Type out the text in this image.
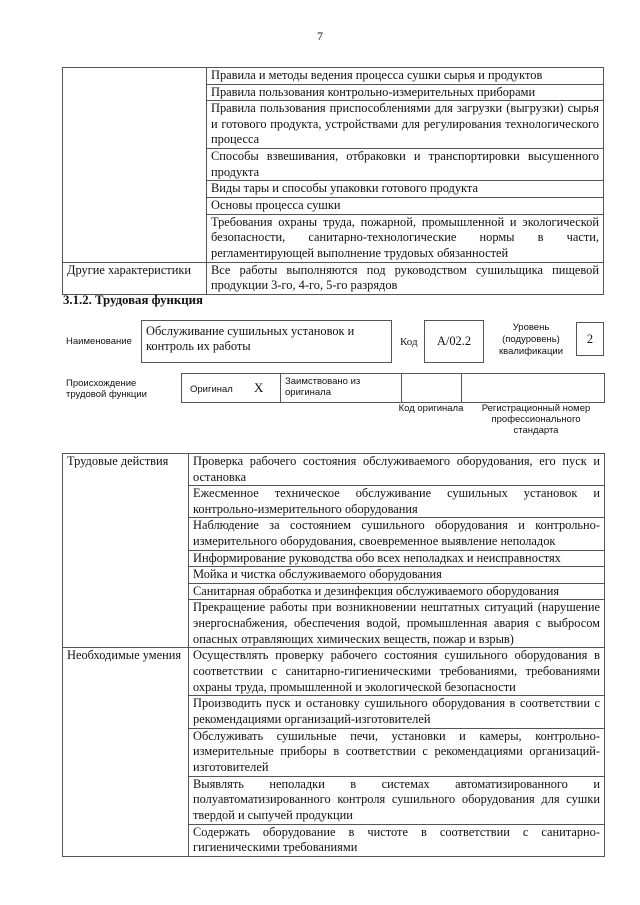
7
	Правила и методы ведения процесса сушки сырья и продуктов
	Правила пользования контрольно-измерительных приборами
	Правила пользования приспособлениями для загрузки (выгрузки) сырья и готового продукта, устройствами для регулирования технологического процесса
	Способы взвешивания, отбраковки и транспортировки высушенного продукта
	Виды тары и способы упаковки готового продукта
	Основы процесса сушки
	Требования охраны труда, пожарной, промышленной и экологической безопасности, санитарно-технологические нормы в части, регламентирующей выполнение трудовых обязанностей
Другие характеристики	Все работы выполняются под руководством сушильщика пищевой продукции 3-го, 4-го, 5-го разрядов
3.1.2. Трудовая функция
Наименование
Обслуживание сушильных установок и контроль их работы	Код	А/02.2
Уровень (подуровень) квалификации
2
Происхождение трудовой функции	Оригинал X Заимствовано из оригинала
Код оригинала	Регистрационный номер профессионального стандарта
Трудовые действия	Проверка рабочего состояния обслуживаемого оборудования, его пуск и остановка
	Ежесменное техническое обслуживание сушильных установок и контрольно-измерительного оборудования
	Наблюдение за состоянием сушильного оборудования и контрольно-измерительного оборудования, своевременное выявление неполадок
	Информирование руководства обо всех неполадках и неисправностях
	Мойка и чистка обслуживаемого оборудования
	Санитарная обработка и дезинфекция обслуживаемого оборудования
	Прекращение работы при возникновении нештатных ситуаций (нарушение энергоснабжения, обеспечения водой, промышленная авария с выбросом опасных отравляющих химических веществ, пожар и взрыв)
Необходимые умения	Осуществлять проверку рабочего состояния сушильного оборудования в соответствии с санитарно-гигиеническими требованиями, требованиями охраны труда, промышленной и экологической безопасности
	Производить пуск и остановку сушильного оборудования в соответствии с рекомендациями организаций-изготовителей
	Обслуживать сушильные печи, установки и камеры, контрольно-измерительные приборы в соответствии с рекомендациями организаций-изготовителей
	Выявлять неполадки в системах автоматизированного и полуавтоматизированного контроля сушильного оборудования для сушки твердой и сыпучей продукции
	Содержать оборудование в чистоте в соответствии с санитарно-гигиеническими требованиями
